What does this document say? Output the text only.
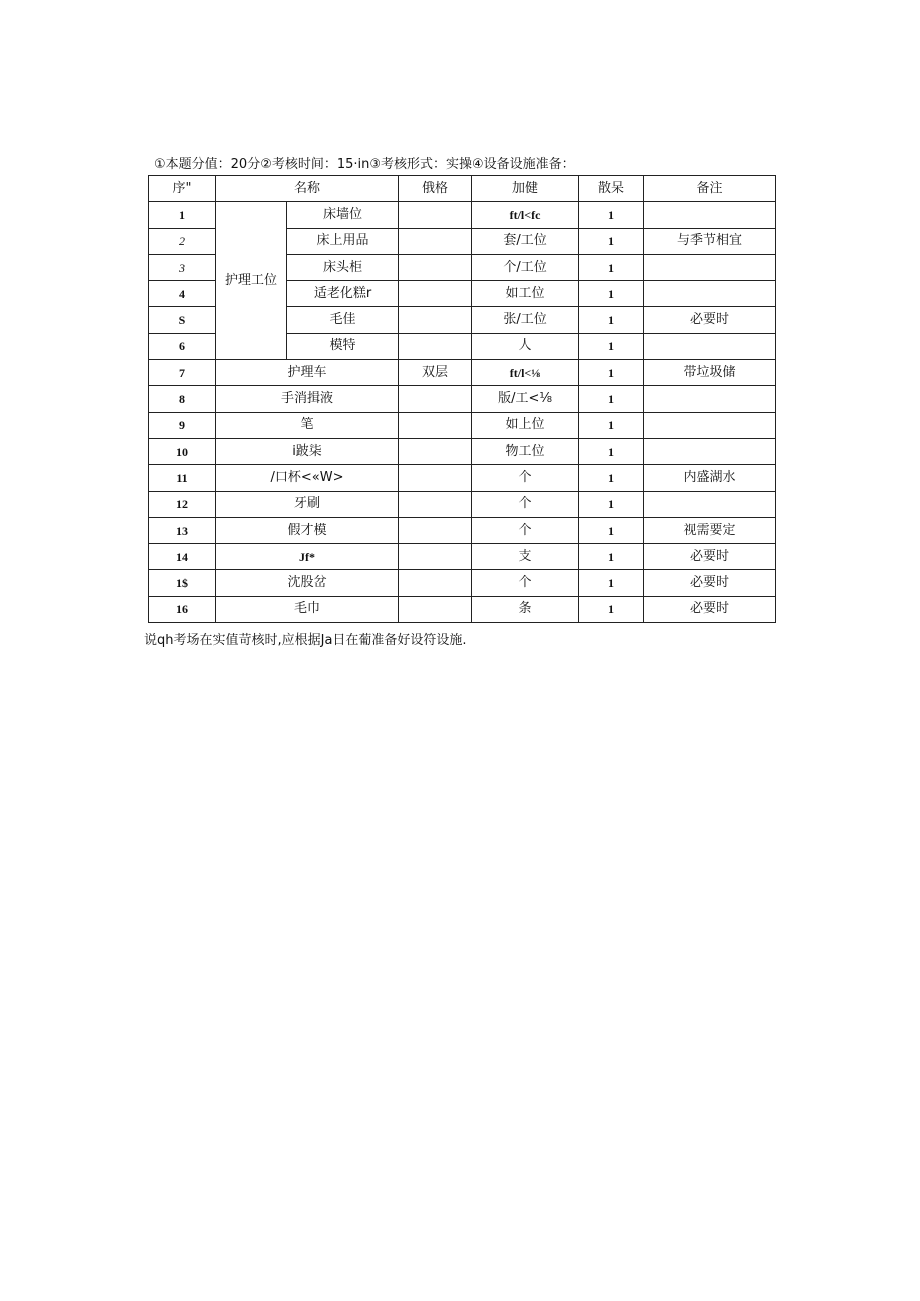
①本题分值：20分②考核时间：15·in③考核形式：实操④设备设施准备：
序"	名称		俄格	加健	散呆	备注
1	护理工位	床墙位		ft/l<fc	1	
2		床上用品		套/工位	1	与季节相宜
3		床头柜		个/工位	1	
4		适老化糕r		如工位	1	
S		毛佳		张/工位	1	必要时
6		模特		人	1	
7	护理车		双层	ft/l<⅛	1	带垃圾储
8	手消揖液			版/工<⅛	1	
9	笔			如上位	1	
10	i跛柒			物工位	1	
11	/口杯<«W>			个	1	内盛湖水
12	牙刷			个	1	
13	假才模			个	1	视需要定
14	Jf*			支	1	必要时
1$	沈股岔			个	1	必要时
16	毛巾			条	1	必要时
说qh考场在实值苛核时,应根据Ja日在葡准备好设符设施.
